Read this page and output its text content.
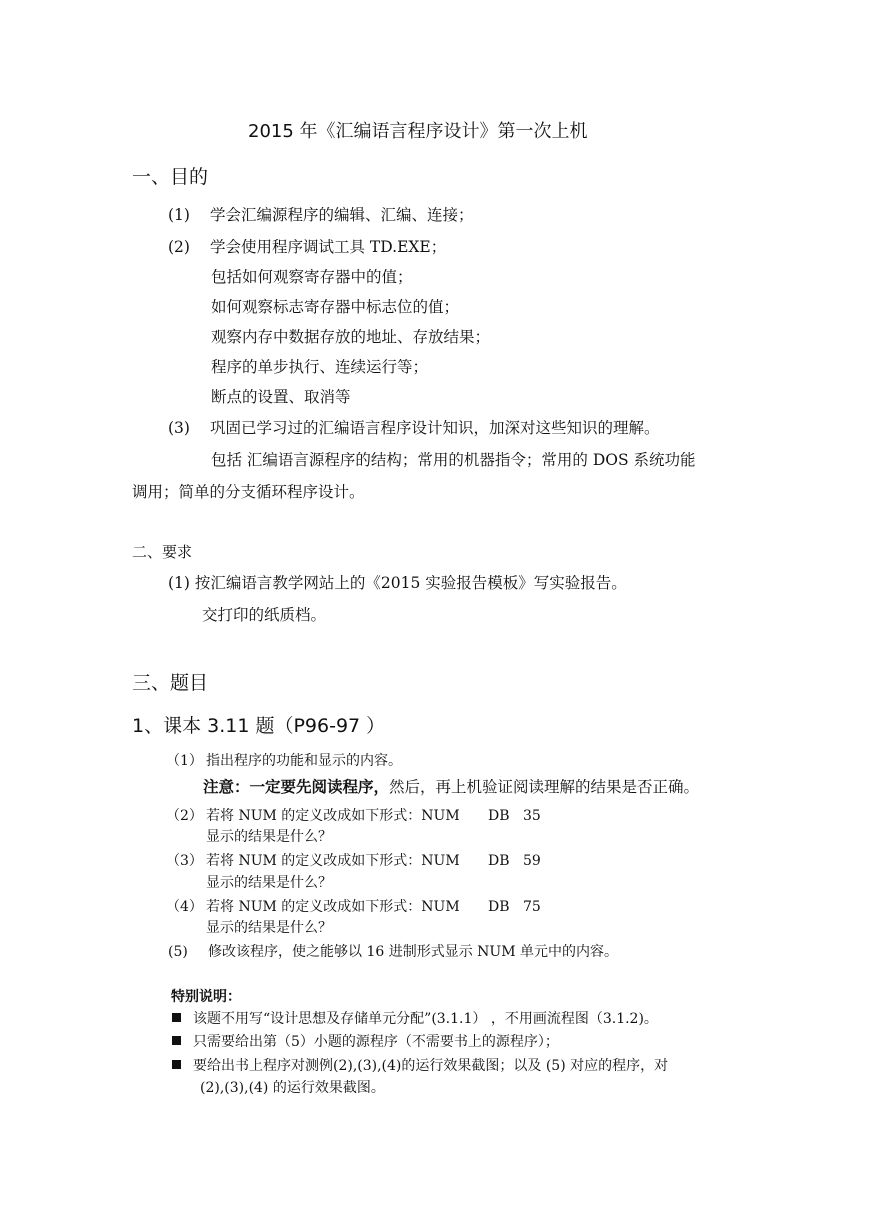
2015 年《汇编语言程序设计》第一次上机
一、目的
(1) 学会汇编源程序的编辑、汇编、连接；
(2) 学会使用程序调试工具 TD.EXE；
包括如何观察寄存器中的值；
如何观察标志寄存器中标志位的值；
观察内存中数据存放的地址、存放结果；
程序的单步执行、连续运行等；
断点的设置、取消等
(3) 巩固已学习过的汇编语言程序设计知识，加深对这些知识的理解。
包括 汇编语言源程序的结构；常用的机器指令；常用的 DOS 系统功能
调用；简单的分支循环程序设计。
二、要求
(1) 按汇编语言教学网站上的《2015 实验报告模板》写实验报告。
交打印的纸质档。
三、题目
1、课本 3.11 题（P96-97 ）
（1） 指出程序的功能和显示的内容。
注意：一定要先阅读程序，然后，再上机验证阅读理解的结果是否正确。
（2） 若将 NUM 的定义改成如下形式：NUM DB 35
显示的结果是什么？
（3） 若将 NUM 的定义改成如下形式：NUM DB 59
显示的结果是什么？
（4） 若将 NUM 的定义改成如下形式：NUM DB 75
显示的结果是什么？
(5) 修改该程序，使之能够以 16 进制形式显示 NUM 单元中的内容。
特别说明：
该题不用写“设计思想及存储单元分配”(3.1.1） ，不用画流程图（3.1.2)。
只需要给出第（5）小题的源程序（不需要书上的源程序）；
要给出书上程序对测例(2),(3),(4)的运行效果截图；以及 (5) 对应的程序，对
(2),(3),(4) 的运行效果截图。
